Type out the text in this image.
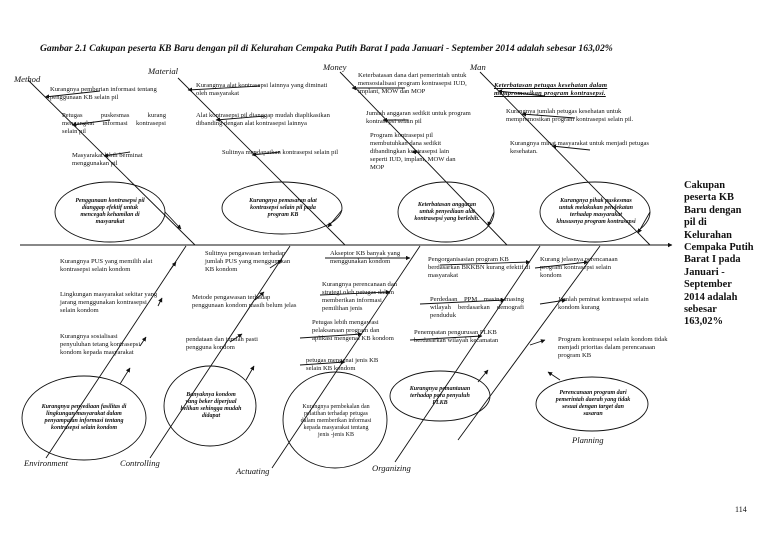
Gambar 2.1 Cakupan peserta KB Baru dengan pil di Kelurahan Cempaka Putih Barat I pada Januari - September 2014 adalah sebesar 163,02%
Method
Material	Money	Man
Environment	Controlling
Actuating	Organizing
Planning

Kurangnya pemberian informasi tentang penggunaan KB selain pil

Petugas puskesmas kurang mengangkat informasi kontrasepsi selain pil

Masyarakat lebih berminat menggunakan pil

Kurangnya alat kontrasepsi lainnya yang diminati oleh masyarakat

Alat kontrasepsi pil dianggap mudah diaplikasikan dibanding dengan alat kontrasepsi lainnya

Sulitnya mendapatkan kontrasepsi selain pil

Keterbatasan dana dari pemerintah untuk mensosialisasi program kontrasepsi IUD, implant, MOW dan MOP

Jumlah anggaran sedikit untuk program kontrasepsi selain pil

Program kontrasepsi pil membutuhkan dana sedikit dibandingkan kontrasepsi lain seperti IUD, implant, MOW dan MOP

Keterbatasan petugas kesehatan dalam mempromosikan program kontrasepsi.

Kurangnya jumlah petugas kesehatan untuk mempromosikan program kontrasepsi selain pil.

Kurangnya minat masyarakat untuk menjadi petugas kesehatan.

Kurangnya PUS yang memilih alat kontrasepsi selain kondom

Lingkungan masyarakat sekitar yang jarang menggunakan kontrasepsi selain kondom

Kurangnya sosialisasi penyuluhan tetang kontrasepsi kondom kepada masyarakat

Sulitnya pengawasan terhadap jumlah PUS yang menggunakan KB kondom

Metode pengawasan terhadap penggunaan kondom masih belum jelas

pendataan dan jumlah pasti pengguna kondom

Akseptor KB banyak yang menggunakan kondom

Kurangnya perencanaan dan strategi oleh petugas dalam memberikan informasi pemilihan jenis

Petugas lebih mengawasi pelaksanaan program dan aplikasi mengenai KB kondom

petugas mengenai jenis KB selain KB kondom

Pengorganisasian program KB berdasarkan BKKBN kurang efektif di masyarakat

Perdedaan PPM masing-masing wilayah berdasarkan demografi penduduk

Penempatan pengurusan PLKB berdasarkan wilayah kecamatan

Kurang jelasnya perencanaan program kontrasepsi selain kondom

Jumlah peminat kontrasepsi selain kondom kurang

Program kontrasepsi selain kondom tidak menjadi prioritas dalam perencanaan program KB

Penggunaan kontrasepsi pil dianggap efektif untuk mencegah kehamilan di masyarakat
Kurangnya pemasaran alat kontrasepsi selain pil pada program KB
Keterbatasan anggaran untuk penyediaan alat kontrasepsi yang berlebih.
Kurangnya pihak puskesmas untuk melakukan pendekatan terhadap masyarakat khususnya program kontrasepsi
Kurangnya penyediaan fasilitas di lingkungan masyarakat dalam penyampaian informasi tentang kontrasepsi selain kondom
Banyaknya kondom yang beker diperjual belikan sehingga mudah didapat
Kurangnya pembekalan dan pelatihan terhadap petugas dalam memberikan informasi kepada masyarakat tentang jenis -jenis KB
Kurangnya pemantauan terhadap para penyuluh PLKB
Perencanaan program dari pemerintah daerah yang tidak sesuai dengan target dan sasaran
Cakupan peserta KB Baru dengan pil di Kelurahan Cempaka Putih Barat I pada Januari - September 2014 adalah sebesar 163,02%
114
